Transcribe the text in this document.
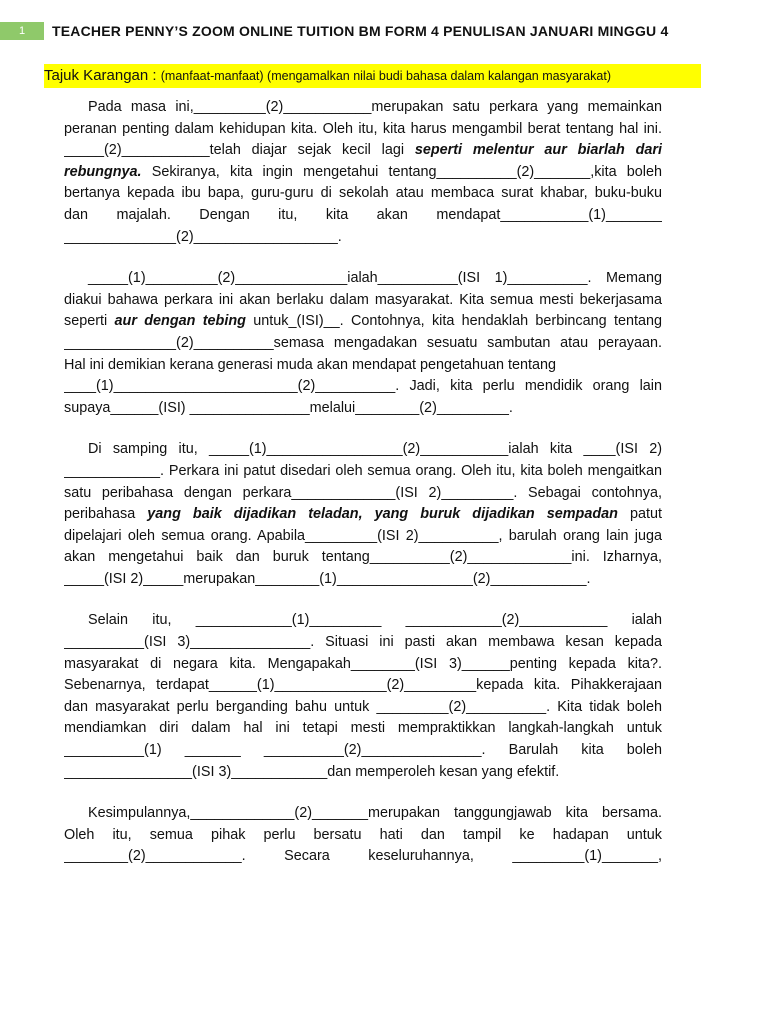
1	TEACHER PENNY’S ZOOM ONLINE TUITION BM FORM 4 PENULISAN JANUARI MINGGU 4
Tajuk Karangan : (manfaat-manfaat) (mengamalkan nilai budi bahasa dalam kalangan masyarakat)
Pada masa ini,_________(2)___________merupakan satu perkara yang memainkan
peranan penting dalam kehidupan kita. Oleh itu, kita harus mengambil berat tentang hal ini.
_____(2)___________telah diajar sejak kecil lagi seperti melentur aur biarlah dari
rebungnya. Sekiranya, kita ingin mengetahui tentang__________(2)_______,kita boleh
bertanya kepada ibu bapa, guru-guru di sekolah atau membaca surat khabar, buku-buku
dan majalah. Dengan itu, kita akan mendapat___________(1)_______
______________(2)__________________.
_____(1)_________(2)______________ialah__________(ISI 1)__________. Memang
diakui bahawa perkara ini akan berlaku dalam masyarakat. Kita semua mesti bekerjasama
seperti aur dengan tebing untuk_(ISI)__. Contohnya, kita hendaklah berbincang tentang
______________(2)__________semasa mengadakan sesuatu sambutan atau perayaan.
Hal ini demikian kerana generasi muda akan mendapat pengetahuan tentang
____(1)_______________________(2)__________. Jadi, kita perlu mendidik orang lain
supaya______(ISI) _______________melalui________(2)_________.
Di samping itu, _____(1)_________________(2)___________ialah kita ____(ISI 2)
____________. Perkara ini patut disedari oleh semua orang. Oleh itu, kita boleh mengaitkan
satu peribahasa dengan perkara_____________(ISI 2)_________. Sebagai contohnya,
peribahasa yang baik dijadikan teladan, yang buruk dijadikan sempadan patut
dipelajari oleh semua orang. Apabila_________(ISI 2)__________, barulah orang lain juga
akan mengetahui baik dan buruk tentang__________(2)_____________ini. Izharnya,
_____(ISI 2)_____merupakan________(1)_________________(2)____________.
Selain itu, ____________(1)_________ ____________(2)___________ ialah
__________(ISI 3)_______________. Situasi ini pasti akan membawa kesan kepada
masyarakat di negara kita. Mengapakah________(ISI 3)______penting kepada kita?.
Sebenarnya, terdapat______(1)______________(2)_________kepada kita. Pihakkerajaan
dan masyarakat perlu berganding bahu untuk _________(2)__________. Kita tidak boleh
mendiamkan diri dalam hal ini tetapi mesti mempraktikkan langkah-langkah untuk
__________(1) _______ __________(2)_______________. Barulah kita boleh
________________(ISI 3)____________dan memperoleh kesan yang efektif.
Kesimpulannya,_____________(2)_______merupakan tanggungjawab kita bersama.
Oleh itu, semua pihak perlu bersatu hati dan tampil ke hadapan untuk
________(2)____________. Secara keseluruhannya, _________(1)_______,
